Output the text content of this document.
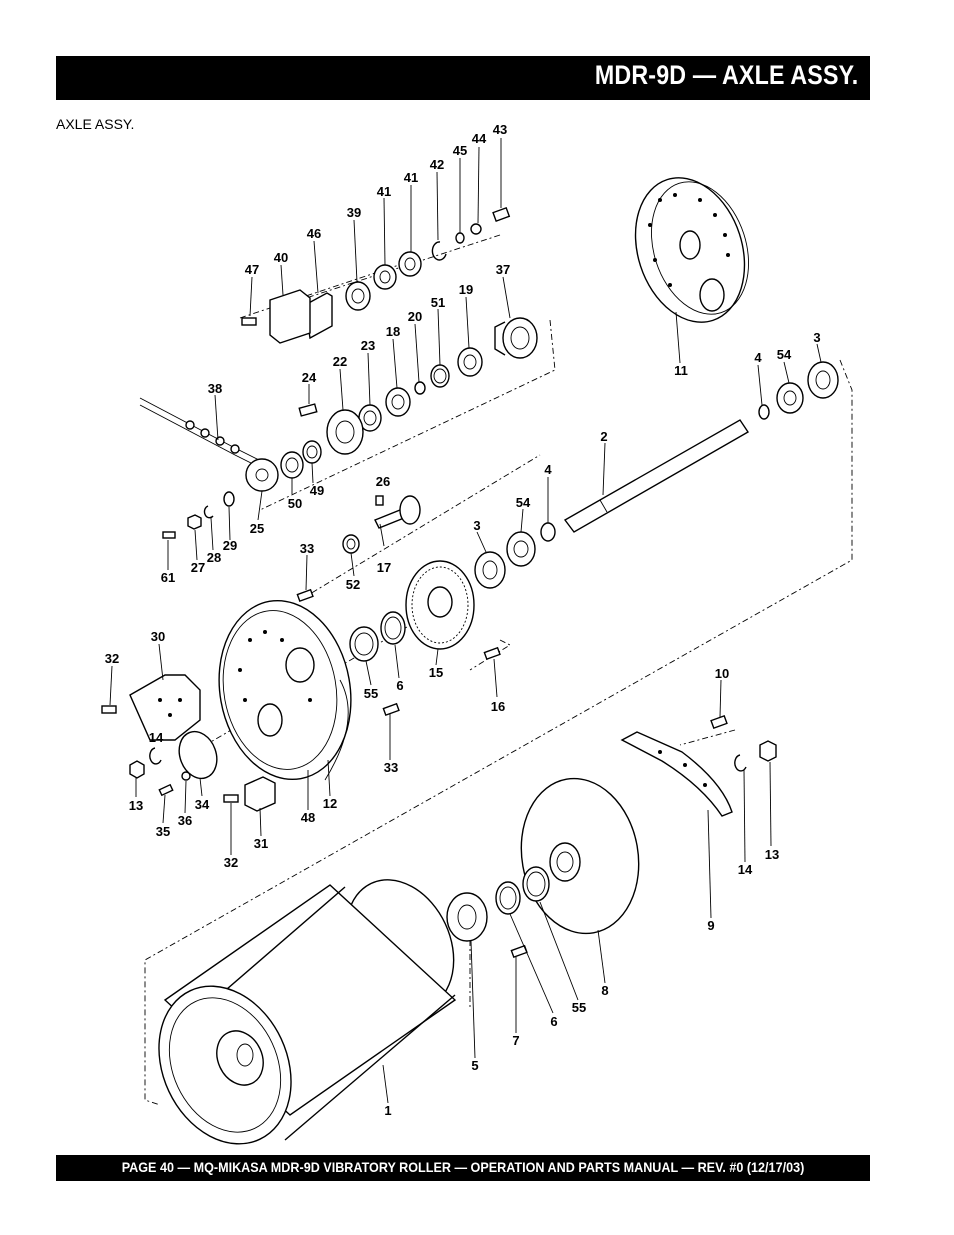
MDR-9D — AXLE ASSY.
AXLE ASSY.	43
44
45
42
41
41
39
46
40
47	37
19
51
20
18
23
22
24
38
11
4 54
3
2
4
54
3
26
17
52
33
50
49
25
61
27
28
29
30
32
14
13
35
36
34
32
31
48
12
55
6
15
16
33
10
14
13
9
8
55
6
7
5
1
PAGE 40 — MQ-MIKASA MDR-9D VIBRATORY ROLLER — OPERATION AND PARTS MANUAL — REV. #0 (12/17/03)
